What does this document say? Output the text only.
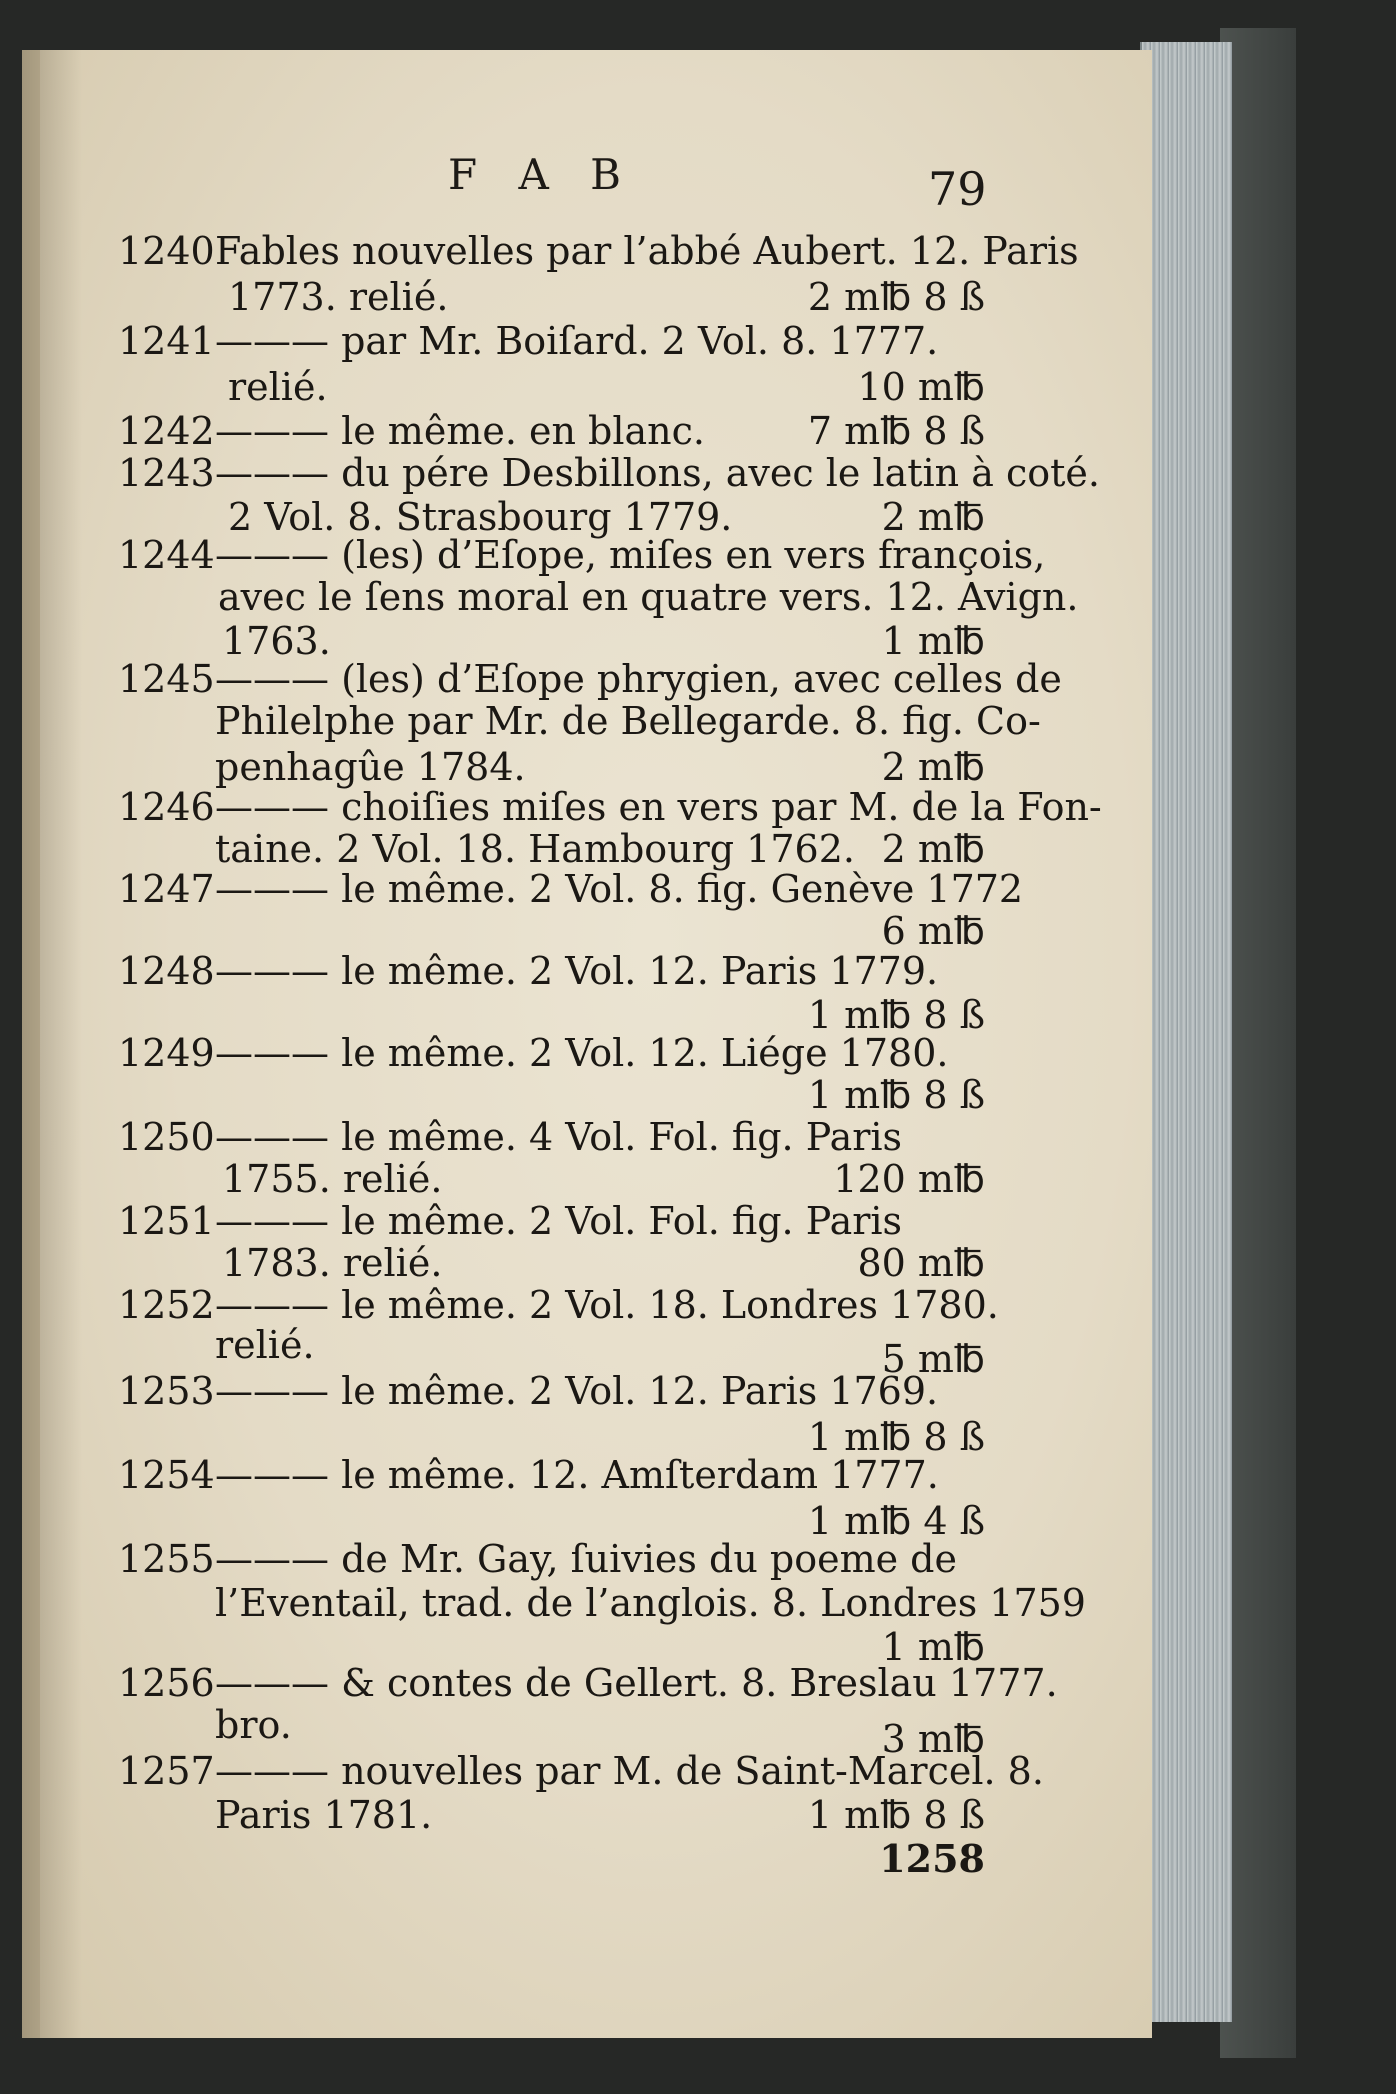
F A B	79
1240 Fables nouvelles par l’abbé Aubert. 12. Paris
1773. relié.	2 m℔ 8 ß
1241 ——— par Mr. Boiſard. 2 Vol. 8. 1777.
relié.	10 m℔
1242 ——— le même. en blanc.	7 m℔ 8 ß
1243 ——— du pére Desbillons, avec le latin à coté.
2 Vol. 8. Strasbourg 1779.	2 m℔
1244 ——— (les) d’Eſope, miſes en vers françois,
avec le ſens moral en quatre vers. 12. Avign.
1763.	1 m℔
1245 ——— (les) d’Eſope phrygien, avec celles de
Philelphe par Mr. de Bellegarde. 8. fig. Co-
penhagûe 1784.	2 m℔
1246 ——— choiſies miſes en vers par M. de la Fon-
taine. 2 Vol. 18. Hambourg 1762. 2 m℔
1247 ——— le même. 2 Vol. 8. fig. Genève 1772
6 m℔
1248 ——— le même. 2 Vol. 12. Paris 1779.
1 m℔ 8 ß
1249 ——— le même. 2 Vol. 12. Liége 1780.
1 m℔ 8 ß
1250 ——— le même. 4 Vol. Fol. fig. Paris
1755. relié.	120 m℔
1251 ——— le même. 2 Vol. Fol. fig. Paris
1783. relié.	80 m℔
1252 ——— le même. 2 Vol. 18. Londres 1780.
relié.	5 m℔
1253 ——— le même. 2 Vol. 12. Paris 1769.
1 m℔ 8 ß
1254 ——— le même. 12. Amſterdam 1777.
1 m℔ 4 ß
1255 ——— de Mr. Gay, ſuivies du poeme de
l’Eventail, trad. de l’anglois. 8. Londres 1759
1 m℔
1256 ——— & contes de Gellert. 8. Breslau 1777.
bro.	3 m℔
1257 ——— nouvelles par M. de Saint-Marcel. 8.
Paris 1781.	1 m℔ 8 ß
1258
